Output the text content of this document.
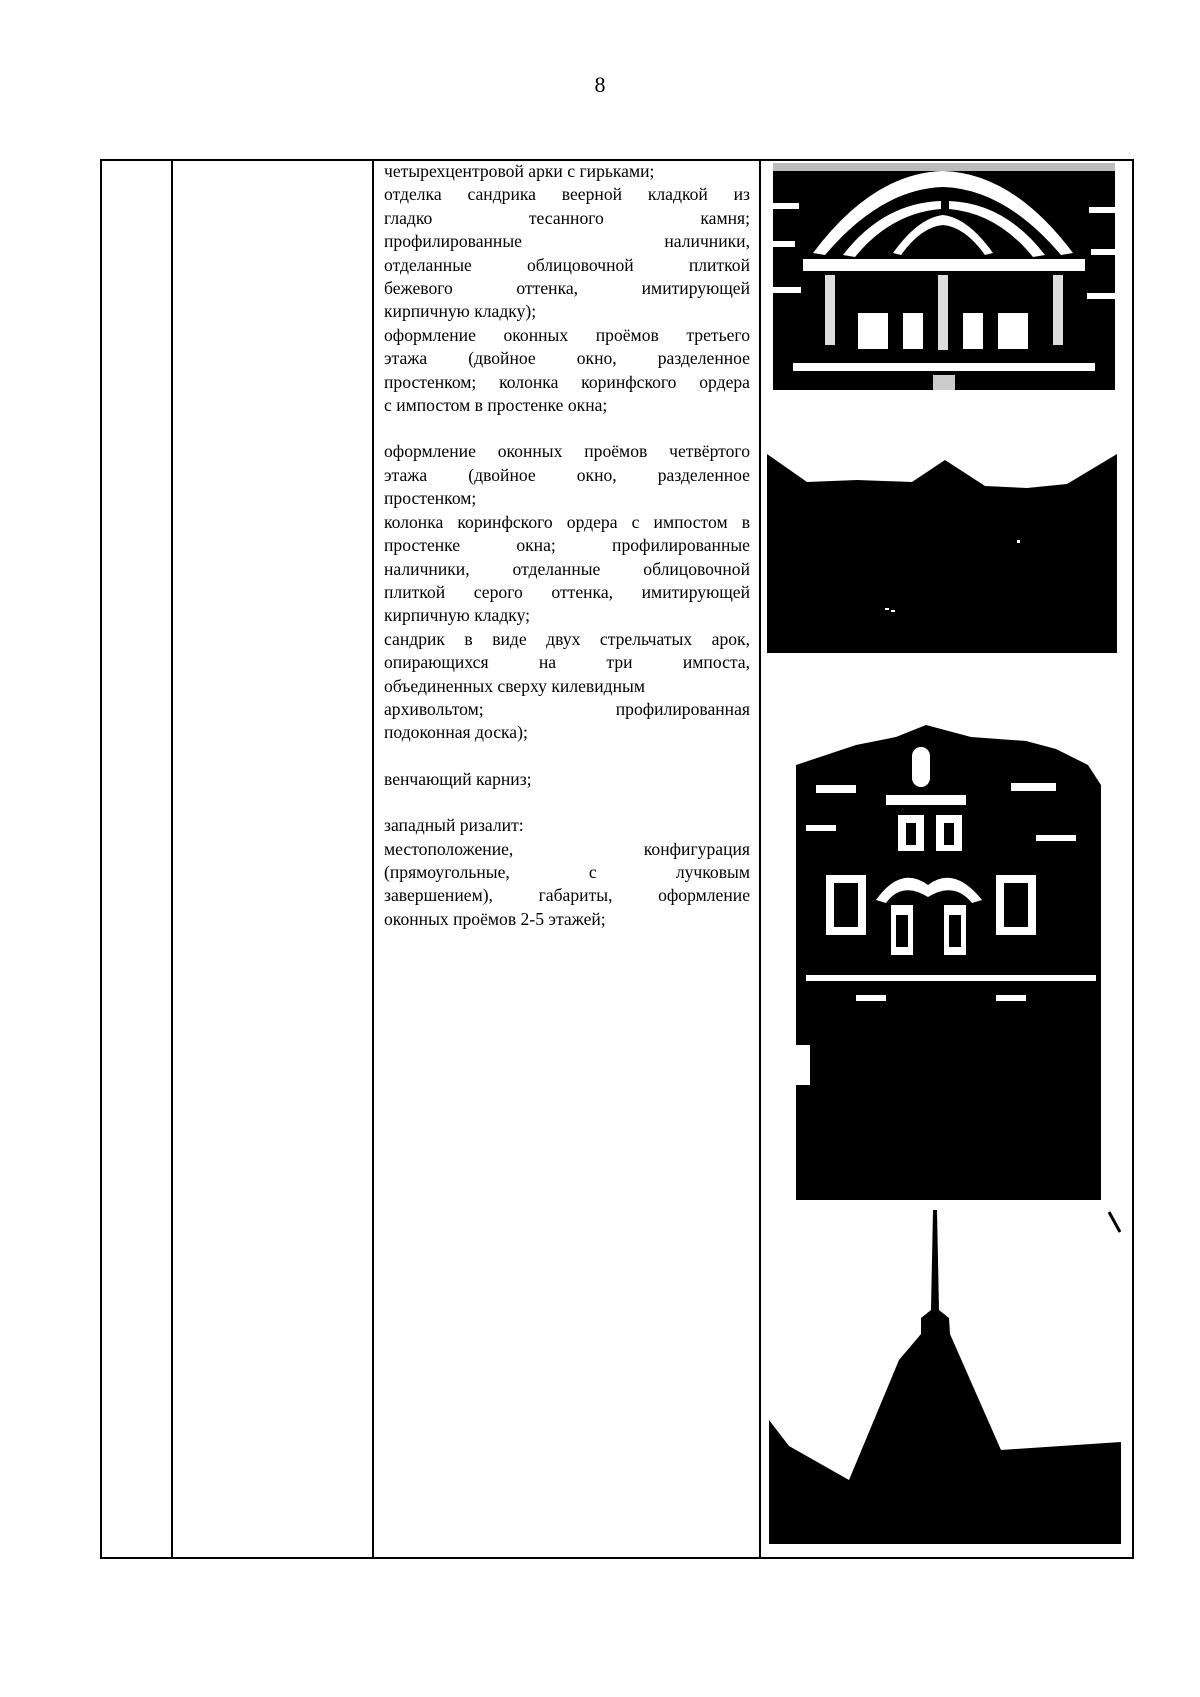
8

четырехцентровой арки с гирьками;

отделка сандрика веерной кладкой из

гладко тесанного камня;

профилированные наличники,

отделанные облицовочной плиткой

бежевого оттенка, имитирующей

кирпичную кладку);

оформление оконных проёмов третьего

этажа (двойное окно, разделенное

простенком; колонка коринфского ордера

с импостом в простенке окна;

оформление оконных проёмов четвёртого

этажа (двойное окно, разделенное

простенком;

колонка коринфского ордера с импостом в

простенке окна; профилированные

наличники, отделанные облицовочной

плиткой серого оттенка, имитирующей

кирпичную кладку;

сандрик в виде двух стрельчатых арок,

опирающихся на три импоста,

объединенных сверху килевидным

архивольтом; профилированная

подоконная доска);

венчающий карниз;

западный ризалит:

местоположение, конфигурация

(прямоугольные, с лучковым

завершением), габариты, оформление

оконных проёмов 2-5 этажей;
